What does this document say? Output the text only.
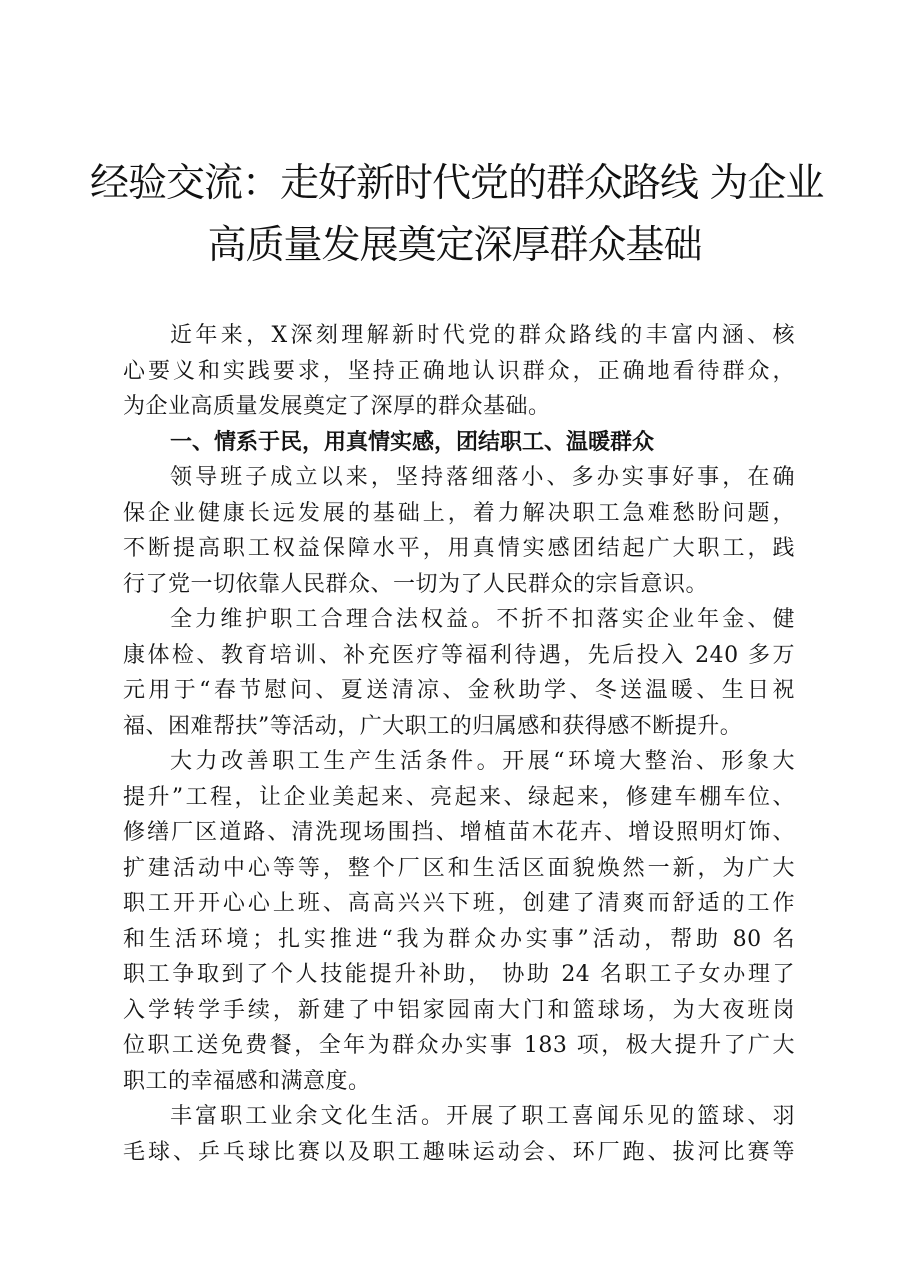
经验交流：走好新时代党的群众路线 为企业
高质量发展奠定深厚群众基础
近年来，X深刻理解新时代党的群众路线的丰富内涵、核
心要义和实践要求，坚持正确地认识群众，正确地看待群众，
为企业高质量发展奠定了深厚的群众基础。
一、情系于民，用真情实感，团结职工、温暖群众
领导班子成立以来，坚持落细落小、多办实事好事，在确
保企业健康长远发展的基础上，着力解决职工急难愁盼问题，
不断提高职工权益保障水平，用真情实感团结起广大职工，践
行了党一切依靠人民群众、一切为了人民群众的宗旨意识。
全力维护职工合理合法权益。不折不扣落实企业年金、健
康体检、教育培训、补充医疗等福利待遇，先后投入 240 多万
元用于“春节慰问、夏送清凉、金秋助学、冬送温暖、生日祝
福、困难帮扶”等活动，广大职工的归属感和获得感不断提升。
大力改善职工生产生活条件。开展“环境大整治、形象大
提升”工程，让企业美起来、亮起来、绿起来，修建车棚车位、
修缮厂区道路、清洗现场围挡、增植苗木花卉、增设照明灯饰、
扩建活动中心等等，整个厂区和生活区面貌焕然一新，为广大
职工开开心心上班、高高兴兴下班，创建了清爽而舒适的工作
和生活环境；扎实推进“我为群众办实事”活动，帮助 80 名
职工争取到了个人技能提升补助， 协助 24 名职工子女办理了
入学转学手续，新建了中铝家园南大门和篮球场，为大夜班岗
位职工送免费餐，全年为群众办实事 183 项，极大提升了广大
职工的幸福感和满意度。
丰富职工业余文化生活。开展了职工喜闻乐见的篮球、羽
毛球、乒乓球比赛以及职工趣味运动会、环厂跑、拔河比赛等
